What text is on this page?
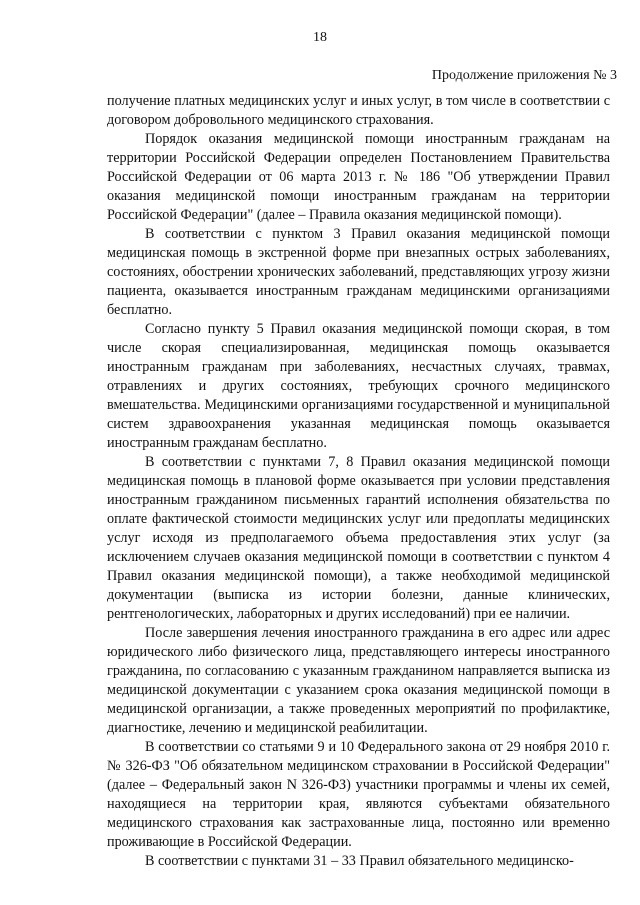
18
Продолжение приложения № 3

получение платных медицинских услуг и иных услуг, в том числе в соответствии с договором добровольного медицинского страхования.

Порядок оказания медицинской помощи иностранным гражданам на территории Российской Федерации определен Постановлением Правительства Российской Федерации от 06 марта 2013 г. № 186 "Об утверждении Правил оказания медицинской помощи иностранным гражданам на территории Российской Федерации" (далее – Правила оказания медицинской помощи).

В соответствии с пунктом 3 Правил оказания медицинской помощи медицинская помощь в экстренной форме при внезапных острых заболеваниях, состояниях, обострении хронических заболеваний, представляющих угрозу жизни пациента, оказывается иностранным гражданам медицинскими организациями бесплатно.

Согласно пункту 5 Правил оказания медицинской помощи скорая, в том числе скорая специализированная, медицинская помощь оказывается иностранным гражданам при заболеваниях, несчастных случаях, травмах, отравлениях и других состояниях, требующих срочного медицинского вмешательства. Медицинскими организациями государственной и муниципальной систем здравоохранения указанная медицинская помощь оказывается иностранным гражданам бесплатно.

В соответствии с пунктами 7, 8 Правил оказания медицинской помощи медицинская помощь в плановой форме оказывается при условии представления иностранным гражданином письменных гарантий исполнения обязательства по оплате фактической стоимости медицинских услуг или предоплаты медицинских услуг исходя из предполагаемого объема предоставления этих услуг (за исключением случаев оказания медицинской помощи в соответствии с пунктом 4 Правил оказания медицинской помощи), а также необходимой медицинской документации (выписка из истории болезни, данные клинических, рентгенологических, лабораторных и других исследований) при ее наличии.

После завершения лечения иностранного гражданина в его адрес или адрес юридического либо физического лица, представляющего интересы иностранного гражданина, по согласованию с указанным гражданином направляется выписка из медицинской документации с указанием срока оказания медицинской помощи в медицинской организации, а также проведенных мероприятий по профилактике, диагностике, лечению и медицинской реабилитации.

В соответствии со статьями 9 и 10 Федерального закона от 29 ноября 2010 г. № 326-ФЗ "Об обязательном медицинском страховании в Российской Федерации" (далее – Федеральный закон N 326-ФЗ) участники программы и члены их семей, находящиеся на территории края, являются субъектами обязательного медицинского страхования как застрахованные лица, постоянно или временно проживающие в Российской Федерации.

В соответствии с пунктами 31 – 33 Правил обязательного медицинско-
